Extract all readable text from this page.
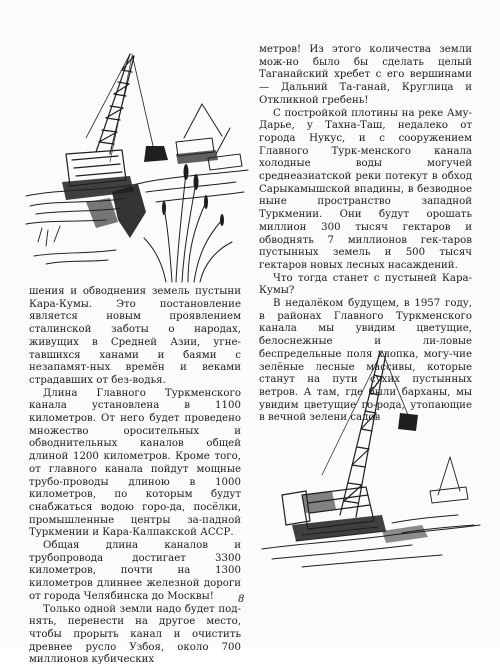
метров! Из этого количества земли мож-но было бы сделать целый Таганайский хребет с его вершинами — Дальний Та-ганай, Круглица и Откликной гребень!

С постройкой плотины на реке Аму-Дарье, у Тахна-Таш, недалеко от города Нукус, и с сооружением Главного Турк-менского канала холодные воды могучей среднеазиатской реки потекут в обход Сарыкамышской впадины, в безводное ныне пространство западной Туркмении. Они будут орошать миллион 300 тысяч гектаров и обводнять 7 миллионов гек-таров пустынных земель и 500 тысяч гектаров новых лесных насаждений.

Что тогда станет с пустыней Кара-Кумы?

В недалёком будущем, в 1957 году, в районах Главного Туркменского канала мы увидим цветущие, белоснежные и ли-ловые беспредельные поля хлопка, могу-чие зелёные лесные массивы, которые станут на пути сухих пустынных ветров. А там, где были барханы, мы увидим цветущие го-рода, утопающие в вечной зелени садов

шения и обводнения земель пустыни Кара-Кумы. Это постановление является новым проявлением сталинской заботы о народах, живущих в Средней Азии, угне-тавшихся ханами и баями с незапамят-ных времён и веками страдавших от без-водья.

Длина Главного Туркменского канала установлена в 1100 километров. От него будет проведено множество оросительных и обводнительных каналов общей длиной 1200 километров. Кроме того, от главного канала пойдут мощные трубо-проводы длиною в 1000 километров, по которым будут снабжаться водою горо-да, посёлки, промышленные центры за-падной Туркмении и Кара-Калпакской АССР.

Общая длина каналов и трубопровода достигает 3300 километров, почти на 1300 километров длиннее железной дороги от города Челябинска до Москвы!

Только одной земли надо будет под-нять, перенести на другое место, чтобы прорыть канал и очистить древнее русло Узбоя, около 700 миллионов кубических

8
